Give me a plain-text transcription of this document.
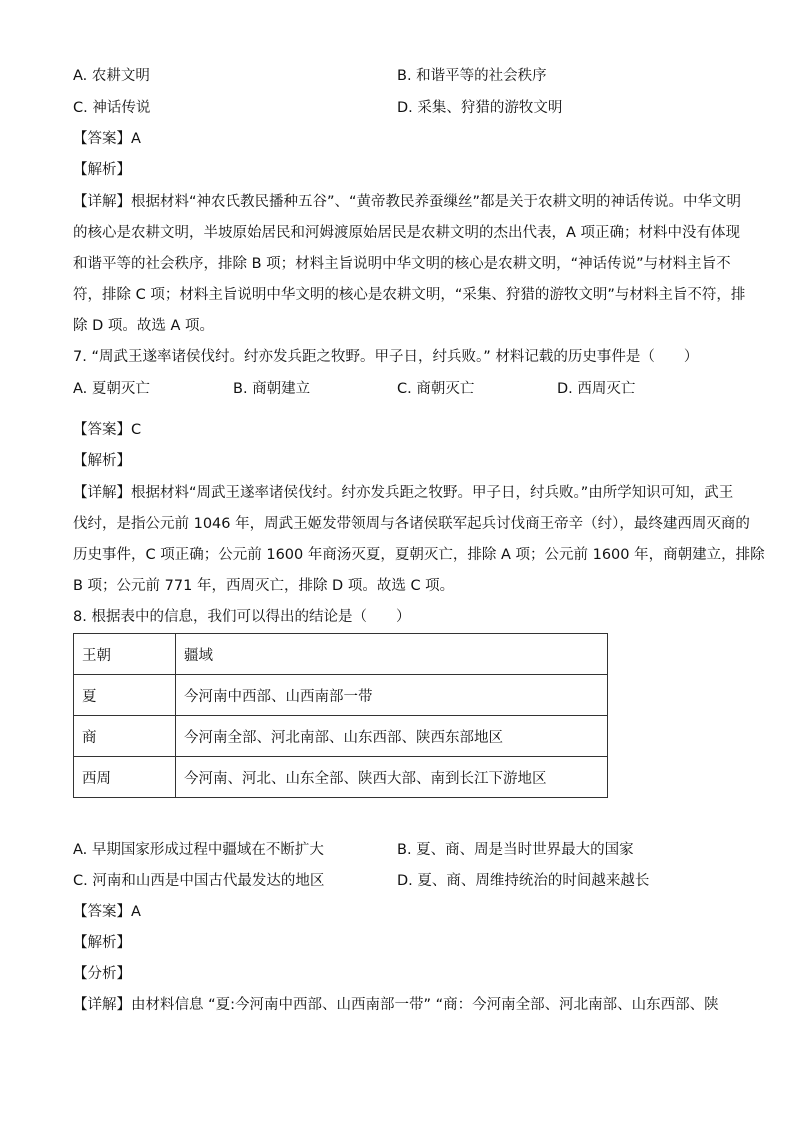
A. 农耕文明	B. 和谐平等的社会秩序
C. 神话传说	D. 采集、狩猎的游牧文明
【答案】A
【解析】
【详解】根据材料“神农氏教民播种五谷”、“黄帝教民养蚕缫丝”都是关于农耕文明的神话传说。中华文明
的核心是农耕文明，半坡原始居民和河姆渡原始居民是农耕文明的杰出代表，A 项正确；材料中没有体现
和谐平等的社会秩序，排除 B 项；材料主旨说明中华文明的核心是农耕文明，“神话传说”与材料主旨不
符，排除 C 项；材料主旨说明中华文明的核心是农耕文明，“采集、狩猎的游牧文明”与材料主旨不符，排
除 D 项。故选 A 项。
7. “周武王遂率诸侯伐纣。纣亦发兵距之牧野。甲子日，纣兵败。” 材料记载的历史事件是（　　）
A. 夏朝灭亡	B. 商朝建立	C. 商朝灭亡	D. 西周灭亡
【答案】C
【解析】
【详解】根据材料“周武王遂率诸侯伐纣。纣亦发兵距之牧野。甲子日，纣兵败。”由所学知识可知，武王
伐纣，是指公元前 1046 年，周武王姬发带领周与各诸侯联军起兵讨伐商王帝辛（纣），最终建西周灭商的
历史事件，C 项正确；公元前 1600 年商汤灭夏，夏朝灭亡，排除 A 项；公元前 1600 年，商朝建立，排除
B 项；公元前 771 年，西周灭亡，排除 D 项。故选 C 项。
8. 根据表中的信息，我们可以得出的结论是（　　）
王朝	疆域
夏	今河南中西部、山西南部一带
商	今河南全部、河北南部、山东西部、陕西东部地区
西周	今河南、河北、山东全部、陕西大部、南到长江下游地区
A. 早期国家形成过程中疆域在不断扩大	B. 夏、商、周是当时世界最大的国家
C. 河南和山西是中国古代最发达的地区	D. 夏、商、周维持统治的时间越来越长
【答案】A
【解析】
【分析】
【详解】由材料信息 “夏:今河南中西部、山西南部一带” “商：今河南全部、河北南部、山东西部、陕
